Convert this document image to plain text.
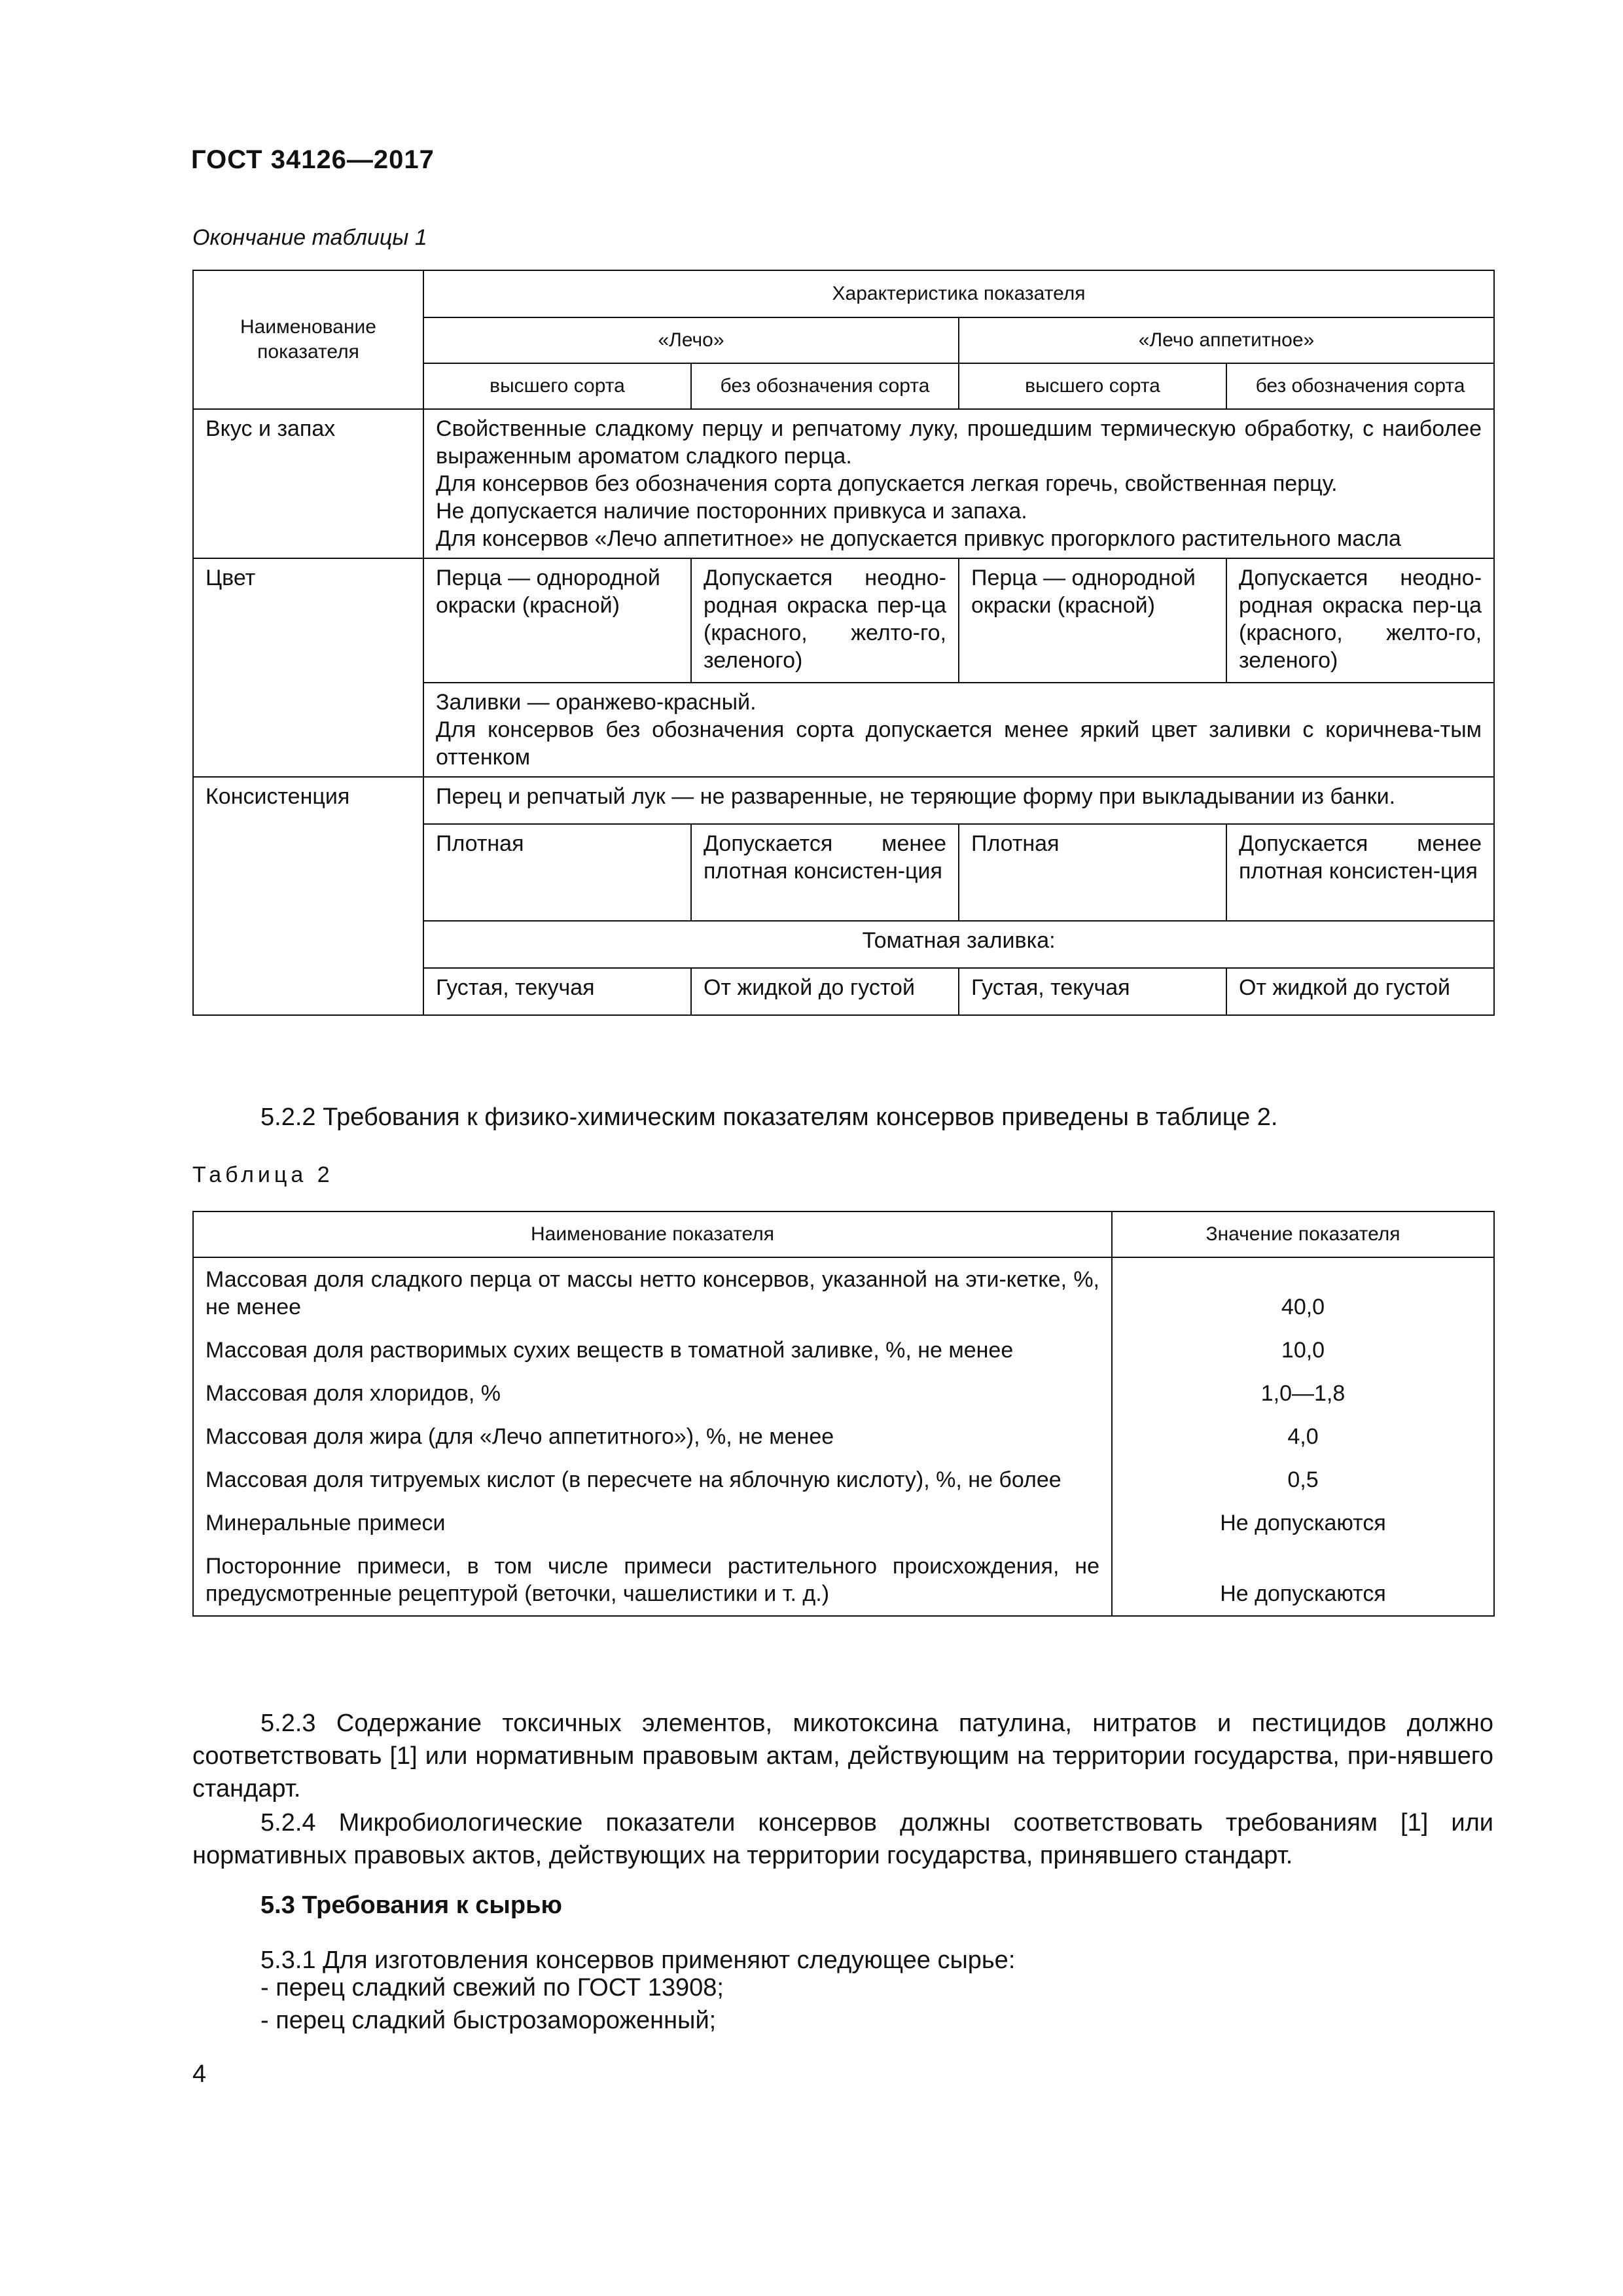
ГОСТ 34126—2017
Окончание таблицы 1
Наименование показателя	Характеристика показателя			
	«Лечо»		«Лечо аппетитное»	
	высшего сорта	без обозначения сорта	высшего сорта	без обозначения сорта
Вкус и запах	Свойственные сладкому перцу и репчатому луку, прошедшим термическую обработку, с наиболее выраженным ароматом сладкого перца.
Для консервов без обозначения сорта допускается легкая горечь, свойственная перцу.
Не допускается наличие посторонних привкуса и запаха.
Для консервов «Лечо аппетитное» не допускается привкус прогорклого растительного масла			

Цвет	Перца — однородной окраски (красной)	Допускается неодно-родная окраска пер-ца (красного, желто-го, зеленого)	Перца — однородной окраски (красной)	Допускается неодно-родная окраска пер-ца (красного, желто-го, зеленого)

	Заливки — оранжево-красный.
Для консервов без обозначения сорта допускается менее яркий цвет заливки с коричнева-тым оттенком			

Консистенция	Перец и репчатый лук — не разваренные, не теряющие форму при выкладывании из банки.			
	Плотная	Допускается менее плотная консистен-ция	Плотная	Допускается менее плотная консистен-ция
	Томатная заливка:			
	Густая, текучая	От жидкой до густой	Густая, текучая	От жидкой до густой
5.2.2 Требования к физико-химическим показателям консервов приведены в таблице 2.
Таблица 2
Наименование показателя	Значение показателя
Массовая доля сладкого перца от массы нетто консервов, указанной на эти-кетке, %, не менее	40,0
Массовая доля растворимых сухих веществ в томатной заливке, %, не менее	10,0
Массовая доля хлоридов, %	1,0—1,8
Массовая доля жира (для «Лечо аппетитного»), %, не менее	4,0
Массовая доля титруемых кислот (в пересчете на яблочную кислоту), %, не более	0,5
Минеральные примеси	Не допускаются
Посторонние примеси, в том числе примеси растительного происхождения, не предусмотренные рецептурой (веточки, чашелистики и т. д.)	Не допускаются
5.2.3 Содержание токсичных элементов, микотоксина патулина, нитратов и пестицидов должно соответствовать [1] или нормативным правовым актам, действующим на территории государства, при-нявшего стандарт.
5.2.4 Микробиологические показатели консервов должны соответствовать требованиям [1] или нормативных правовых актов, действующих на территории государства, принявшего стандарт.
5.3 Требования к сырью
5.3.1 Для изготовления консервов применяют следующее сырье:
- перец сладкий свежий по ГОСТ 13908;
- перец сладкий быстрозамороженный;
4
